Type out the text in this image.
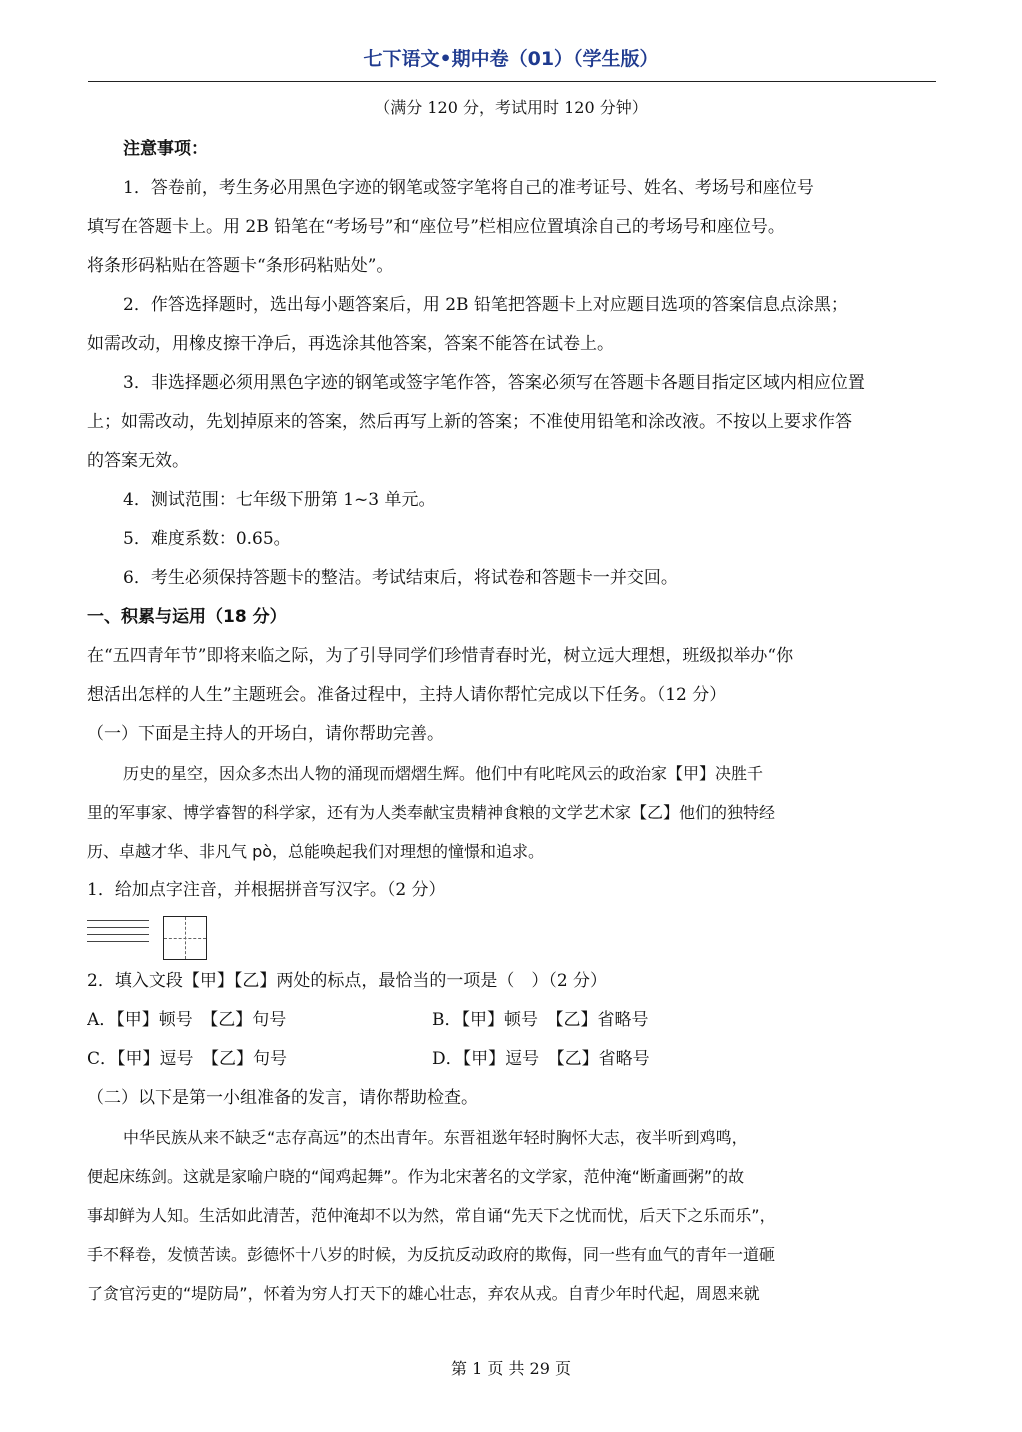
七下语文•期中卷（01）（学生版）
（满分 120 分，考试用时 120 分钟）
注意事项：
1．答卷前，考生务必用黑色字迹的钢笔或签字笔将自己的准考证号、姓名、考场号和座位号
填写在答题卡上。用 2B 铅笔在“考场号”和“座位号”栏相应位置填涂自己的考场号和座位号。
将条形码粘贴在答题卡“条形码粘贴处”。
2．作答选择题时，选出每小题答案后，用 2B 铅笔把答题卡上对应题目选项的答案信息点涂黑；
如需改动，用橡皮擦干净后，再选涂其他答案，答案不能答在试卷上。
3．非选择题必须用黑色字迹的钢笔或签字笔作答，答案必须写在答题卡各题目指定区域内相应位置
上；如需改动，先划掉原来的答案，然后再写上新的答案；不准使用铅笔和涂改液。不按以上要求作答
的答案无效。
4．测试范围：七年级下册第 1~3 单元。
5．难度系数：0.65。
6．考生必须保持答题卡的整洁。考试结束后，将试卷和答题卡一并交回。
一、积累与运用（18 分）
在“五四青年节”即将来临之际，为了引导同学们珍惜青春时光，树立远大理想，班级拟举办“你
想活出怎样的人生”主题班会。准备过程中，主持人请你帮忙完成以下任务。（12 分）
（一）下面是主持人的开场白，请你帮助完善。
历史的星空，因众多杰出人物的涌现而熠熠生辉。他们中有叱咤风云的政治家【甲】决胜千
里的军事家、博学睿智的科学家，还有为人类奉献宝贵精神食粮的文学艺术家【乙】他们的独特经
历、卓越才华、非凡气 pò，总能唤起我们对理想的憧憬和追求。
1．给加点字注音，并根据拼音写汉字。（2 分）
2．填入文段【甲】【乙】两处的标点，最恰当的一项是（　）（2 分）
A．【甲】顿号　【乙】句号	B．【甲】顿号　【乙】省略号
C．【甲】逗号　【乙】句号	D．【甲】逗号　【乙】省略号
（二）以下是第一小组准备的发言，请你帮助检查。
中华民族从来不缺乏“志存高远”的杰出青年。东晋祖逖年轻时胸怀大志，夜半听到鸡鸣，
便起床练剑。这就是家喻户晓的“闻鸡起舞”。作为北宋著名的文学家，范仲淹“断齑画粥”的故
事却鲜为人知。生活如此清苦，范仲淹却不以为然，常自诵“先天下之忧而忧，后天下之乐而乐”，
手不释卷，发愤苦读。彭德怀十八岁的时候，为反抗反动政府的欺侮，同一些有血气的青年一道砸
了贪官污吏的“堤防局”，怀着为穷人打天下的雄心壮志，弃农从戎。自青少年时代起，周恩来就
第 1 页 共 29 页
